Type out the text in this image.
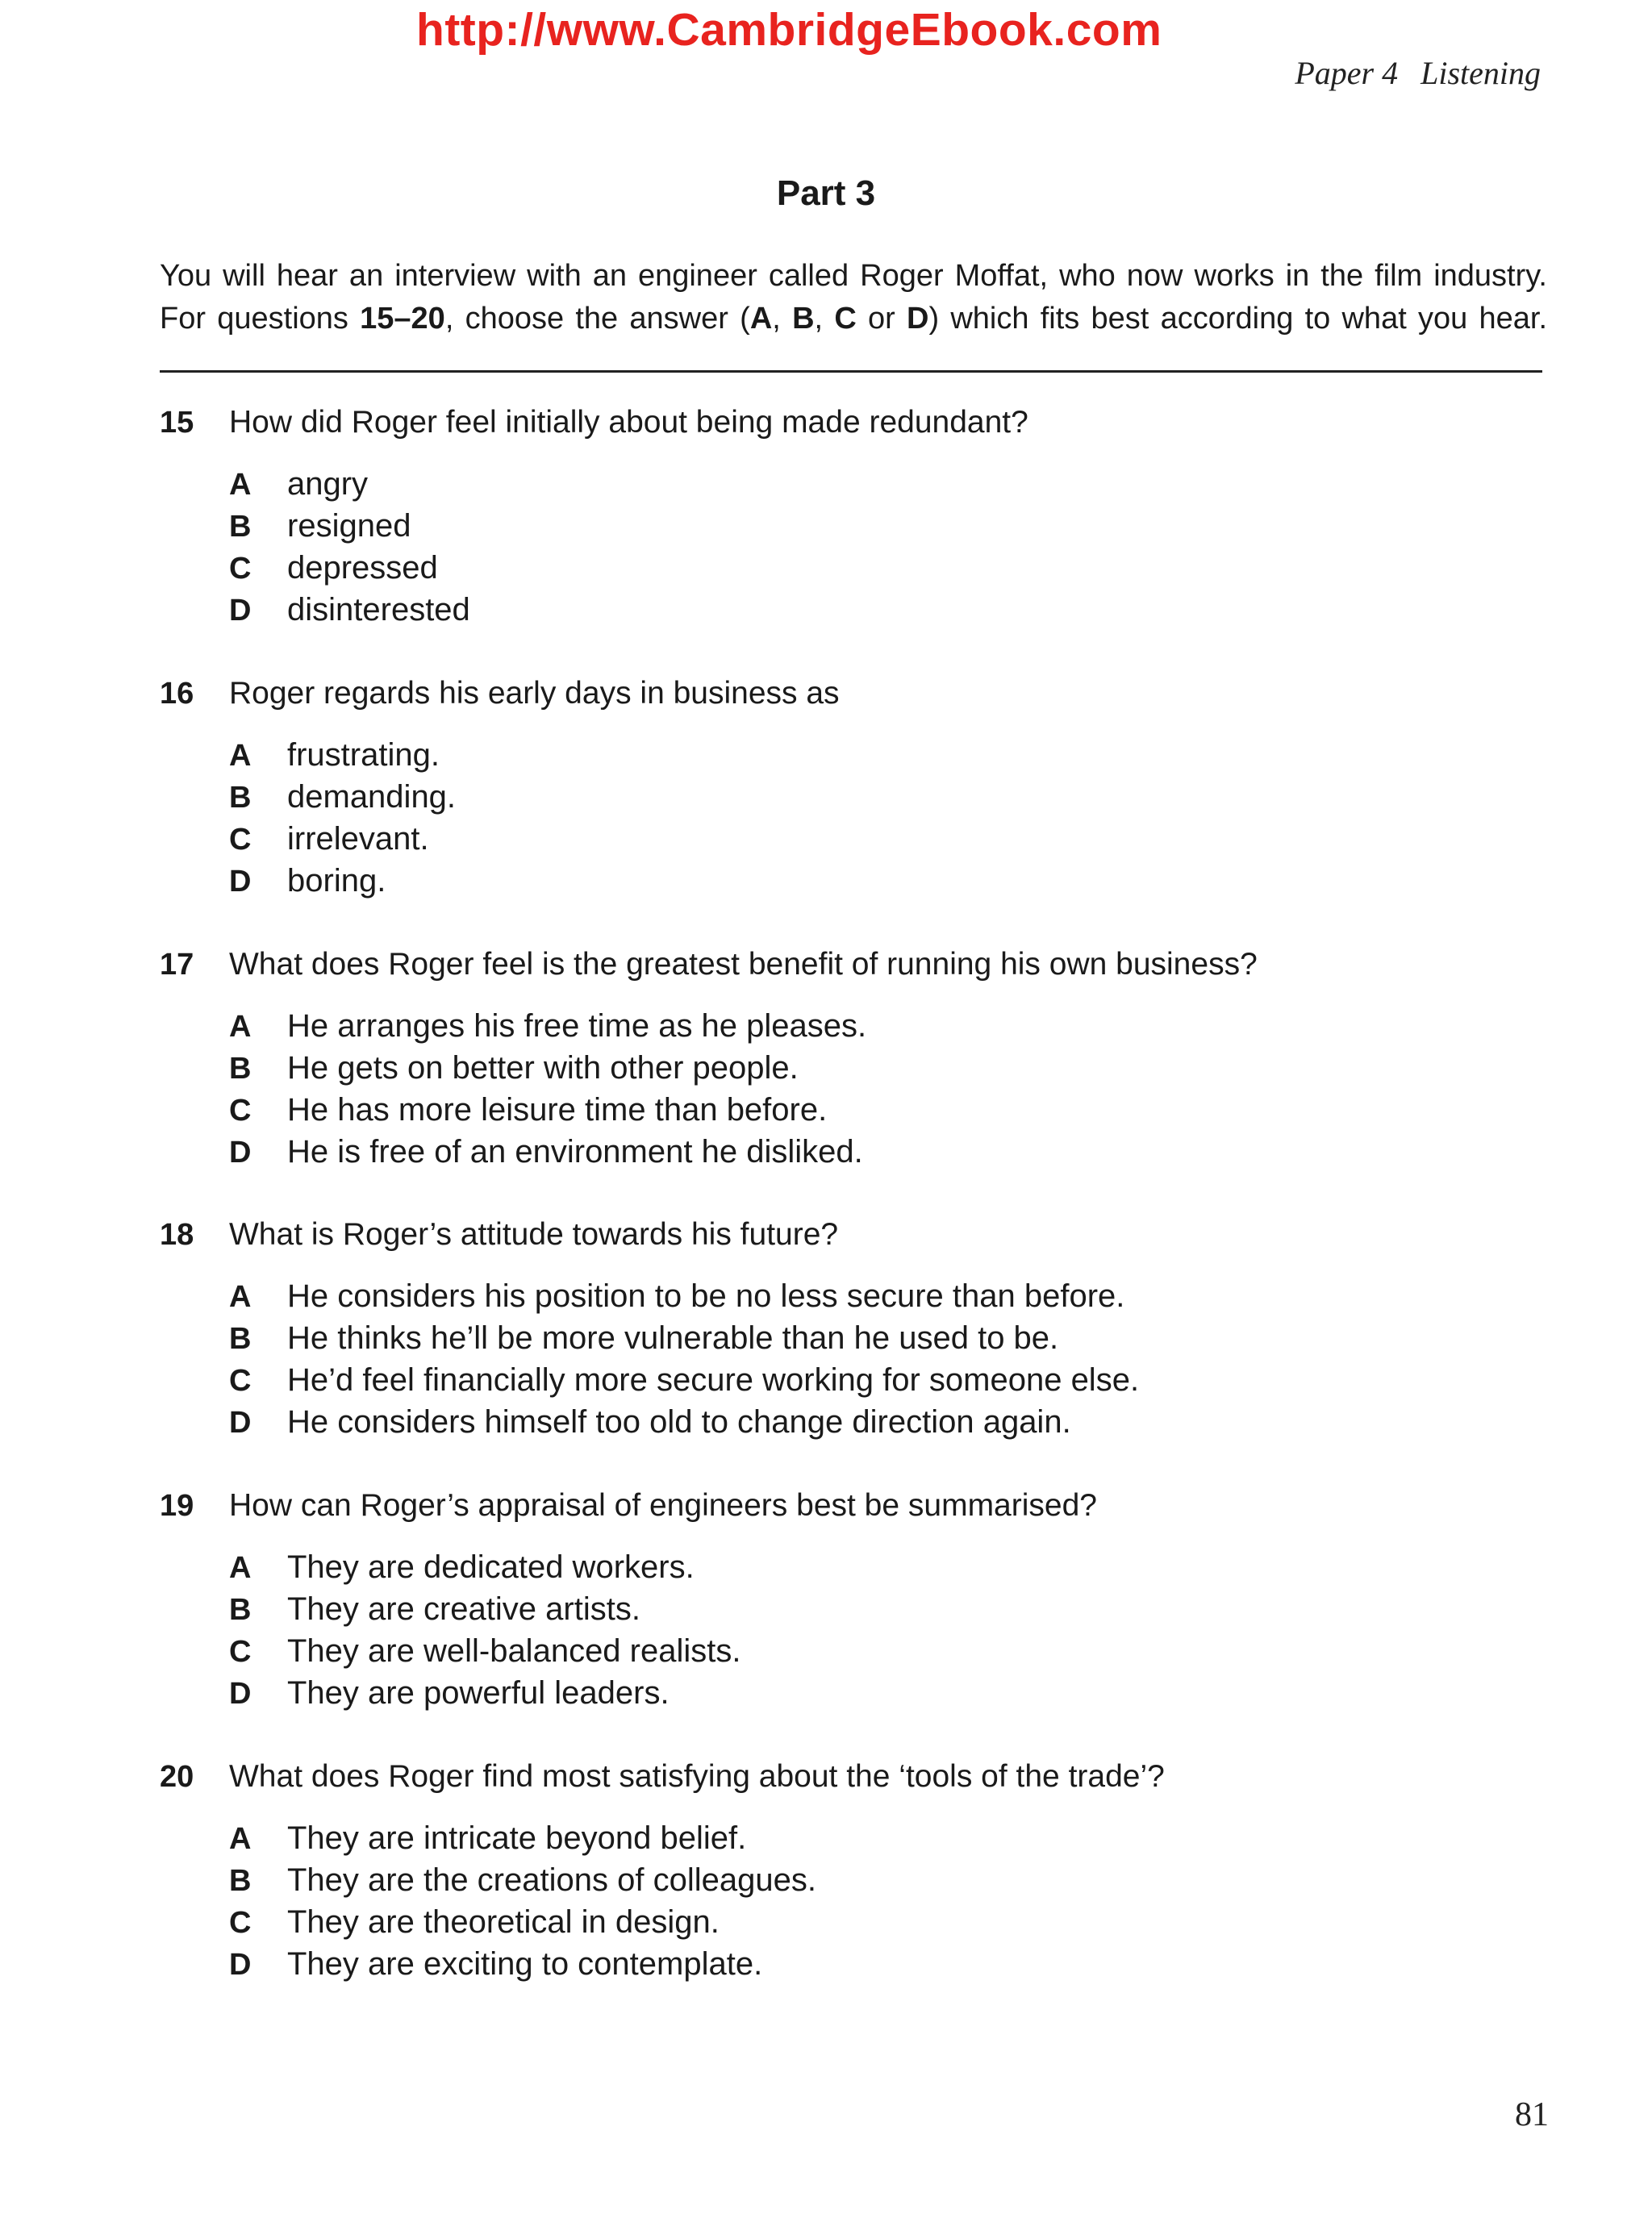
http://www.CambridgeEbook.com
Paper 4 Listening
Part 3

You will hear an interview with an engineer called Roger Moffat, who now works in the film industry.

For questions 15–20, choose the answer (A, B, C or D) which fits best according to what you hear.

15	How did Roger feel initially about being made redundant?
A	angry
B	resigned
C	depressed
D	disinterested
16	Roger regards his early days in business as
A	frustrating.
B	demanding.
C	irrelevant.
D	boring.
17	What does Roger feel is the greatest benefit of running his own business?
A	He arranges his free time as he pleases.
B	He gets on better with other people.
C	He has more leisure time than before.
D	He is free of an environment he disliked.
18	What is Roger’s attitude towards his future?
A	He considers his position to be no less secure than before.
B	He thinks he’ll be more vulnerable than he used to be.
C	He’d feel financially more secure working for someone else.
D	He considers himself too old to change direction again.
19	How can Roger’s appraisal of engineers best be summarised?
A	They are dedicated workers.
B	They are creative artists.
C	They are well-balanced realists.
D	They are powerful leaders.
20	What does Roger find most satisfying about the ‘tools of the trade’?
A	They are intricate beyond belief.
B	They are the creations of colleagues.
C	They are theoretical in design.
D	They are exciting to contemplate.
81
